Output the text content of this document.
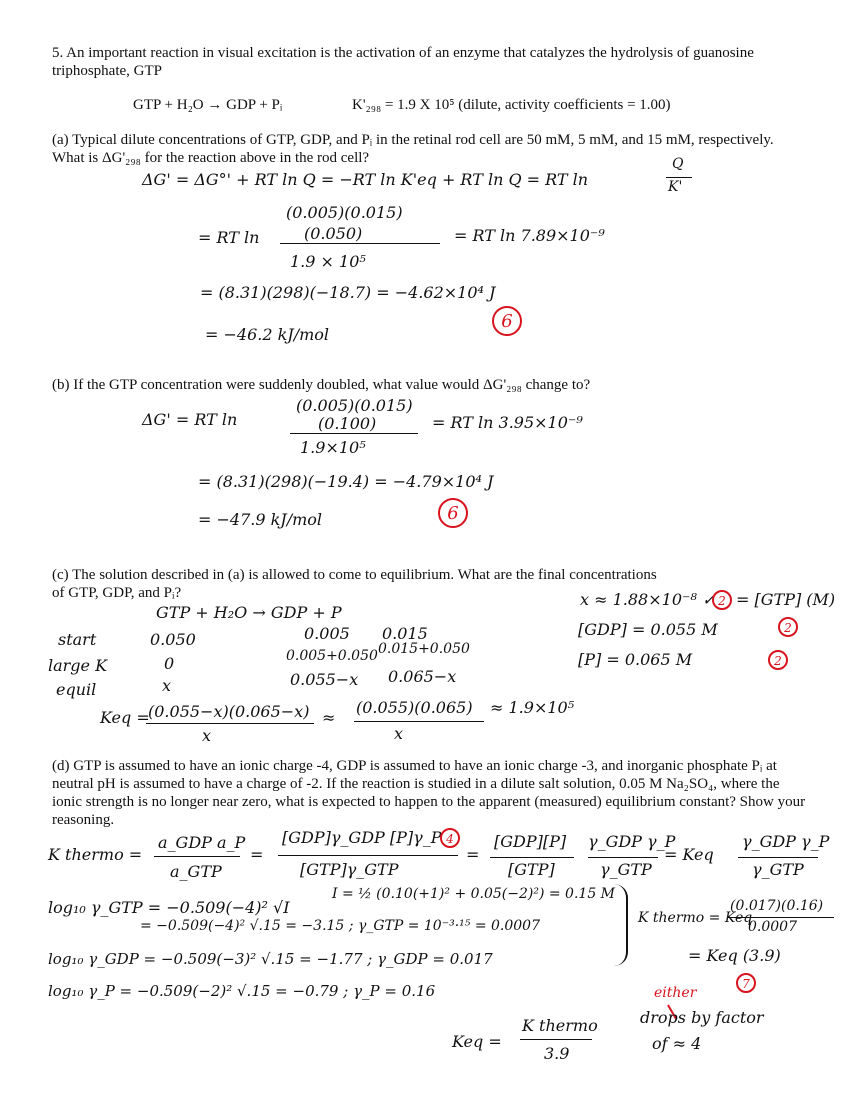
5. An important reaction in visual excitation is the activation of an enzyme that catalyzes the hydrolysis of guanosine triphosphate, GTP
GTP + H₂O → GDP + Pᵢ	K'₂₉₈ = 1.9 X 10⁵ (dilute, activity coefficients = 1.00)
(a) Typical dilute concentrations of GTP, GDP, and Pᵢ in the retinal rod cell are 50 mM, 5 mM, and 15 mM, respectively. What is ΔG'₂₉₈ for the reaction above in the rod cell?
ΔG' = ΔG°' + RT ln Q = −RT ln K'eq + RT ln Q = RT ln
Q
K'
= RT ln
(0.005)(0.015)
(0.050)
1.9 × 10⁵
= RT ln 7.89×10⁻⁹
= (8.31)(298)(−18.7) = −4.62×10⁴ J
= −46.2 kJ/mol
6
(b) If the GTP concentration were suddenly doubled, what value would ΔG'₂₉₈ change to?
ΔG' = RT ln
(0.005)(0.015)
(0.100)
1.9×10⁵
= RT ln 3.95×10⁻⁹
= (8.31)(298)(−19.4) = −4.79×10⁴ J
= −47.9 kJ/mol	6
(c) The solution described in (a) is allowed to come to equilibrium. What are the final concentrations
of GTP, GDP, and Pᵢ?
GTP + H₂O → GDP + P
start	0.050	0.005 0.015
large K	0	0.005+0.050 0.015+0.050
equil	x	0.055−x 0.065−x
Keq =
(0.055−x)(0.065−x)
x
≈
(0.055)(0.065)
x
≈ 1.9×10⁵
x ≈ 1.88×10⁻⁸ ✓ 2 = [GTP] (M)
[GDP] = 0.055 M	2
[P] = 0.065 M	2
(d) GTP is assumed to have an ionic charge -4, GDP is assumed to have an ionic charge -3, and inorganic phosphate Pᵢ at neutral pH is assumed to have a charge of -2. If the reaction is studied in a dilute salt solution, 0.05 M Na₂SO₄, where the ionic strength is no longer near zero, what is expected to happen to the apparent (measured) equilibrium constant? Show your reasoning.
K thermo =
a_GDP a_P
a_GTP
=
[GDP]γ_GDP [P]γ_P 4
[GTP]γ_GTP
=
[GDP][P]
[GTP]
γ_GDP γ_P
γ_GTP
= Keq
γ_GDP γ_P
γ_GTP
log₁₀ γ_GTP = −0.509(−4)² √I
I = ½ (0.10(+1)² + 0.05(−2)²) = 0.15 M
= −0.509(−4)² √.15 = −3.15 ; γ_GTP = 10⁻³·¹⁵ = 0.0007
log₁₀ γ_GDP = −0.509(−3)² √.15 = −1.77 ; γ_GDP = 0.017
log₁₀ γ_P = −0.509(−2)² √.15 = −0.79 ; γ_P = 0.16
K thermo = Keq
(0.017)(0.16)
0.0007
= Keq (3.9)
7
either
drops by factor
of ≈ 4
Keq =
K thermo
3.9
